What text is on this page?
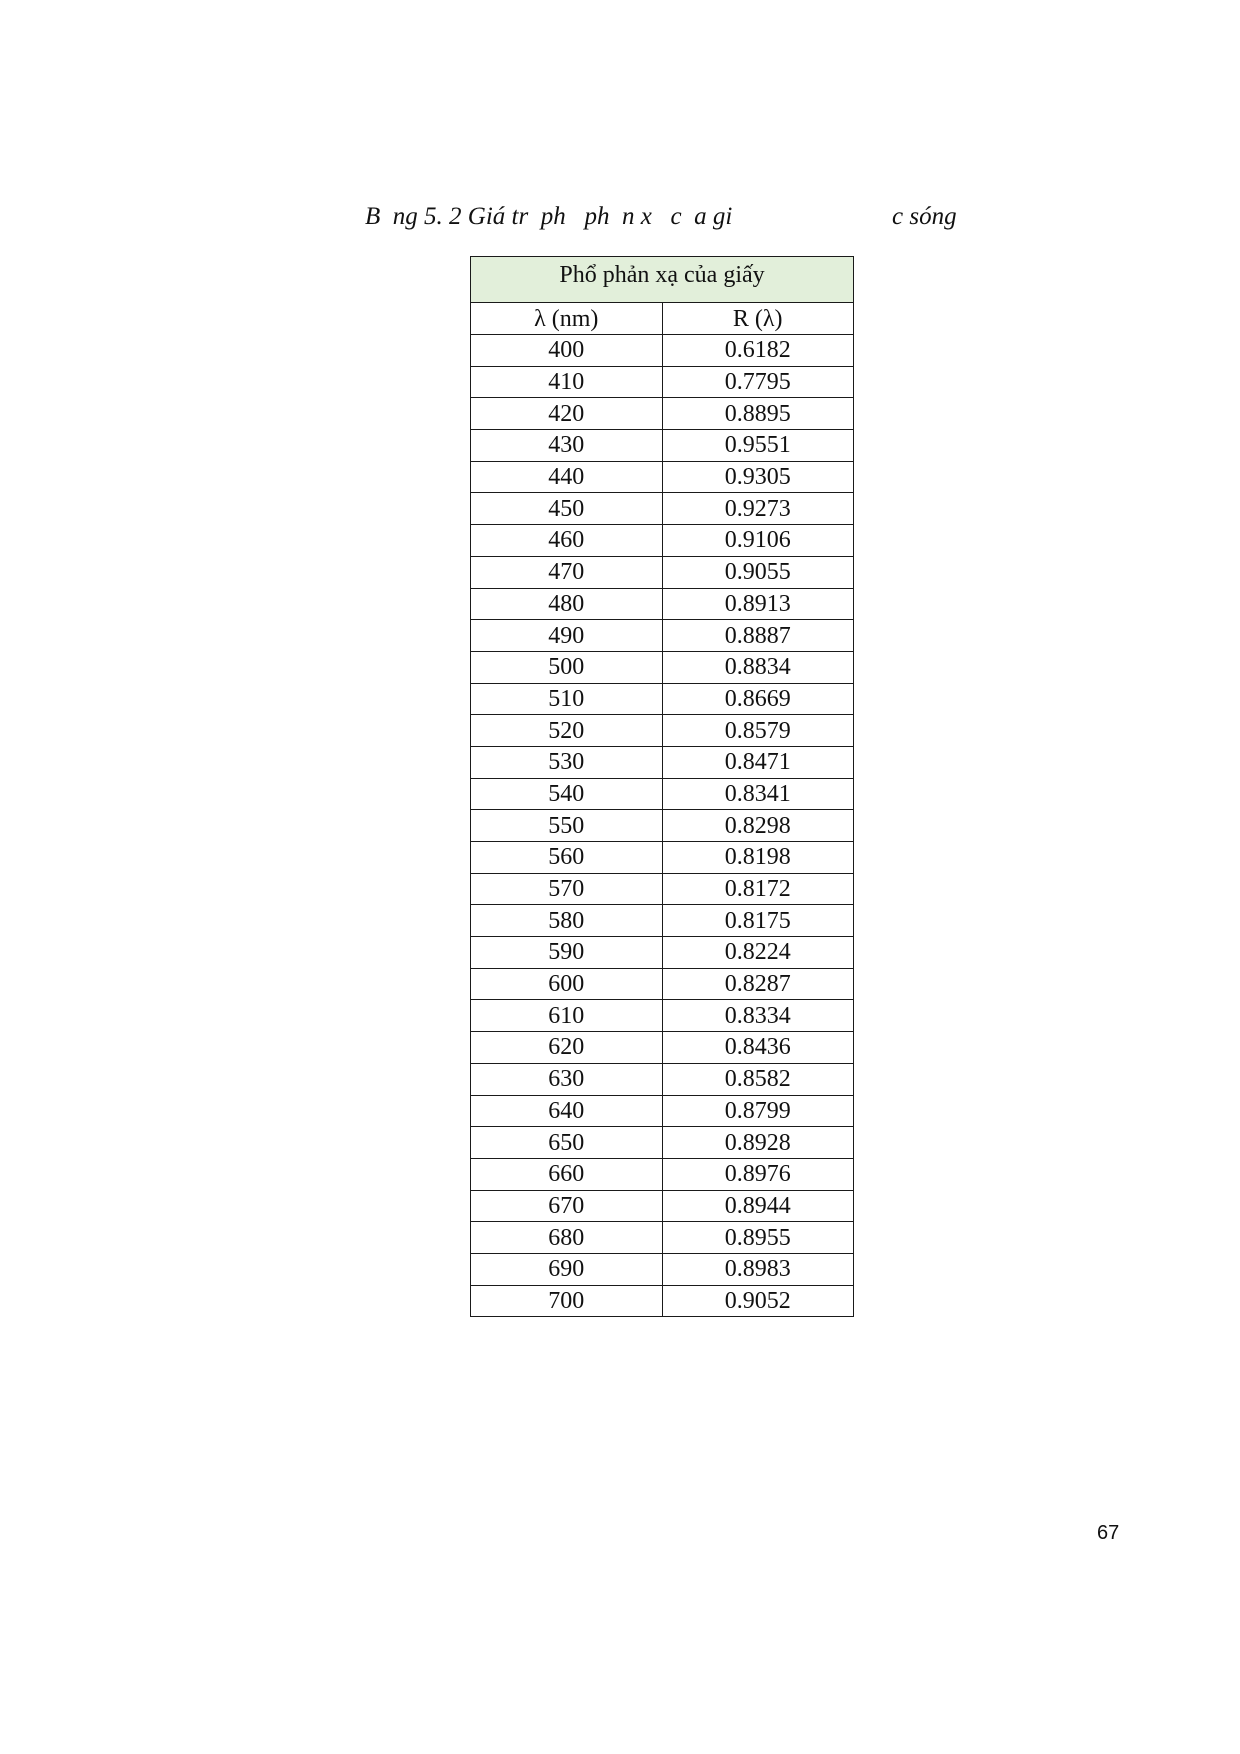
B  ng 5. 2 Giá tr  ph   ph  n x   c  a gi

	c sóng

Phổ phản xạ của giấy	
λ (nm)	R (λ)
400	0.6182
410	0.7795
420	0.8895
430	0.9551
440	0.9305
450	0.9273
460	0.9106
470	0.9055
480	0.8913
490	0.8887
500	0.8834
510	0.8669
520	0.8579
530	0.8471
540	0.8341
550	0.8298
560	0.8198
570	0.8172
580	0.8175
590	0.8224
600	0.8287
610	0.8334
620	0.8436
630	0.8582
640	0.8799
650	0.8928
660	0.8976
670	0.8944
680	0.8955
690	0.8983
700	0.9052
67
